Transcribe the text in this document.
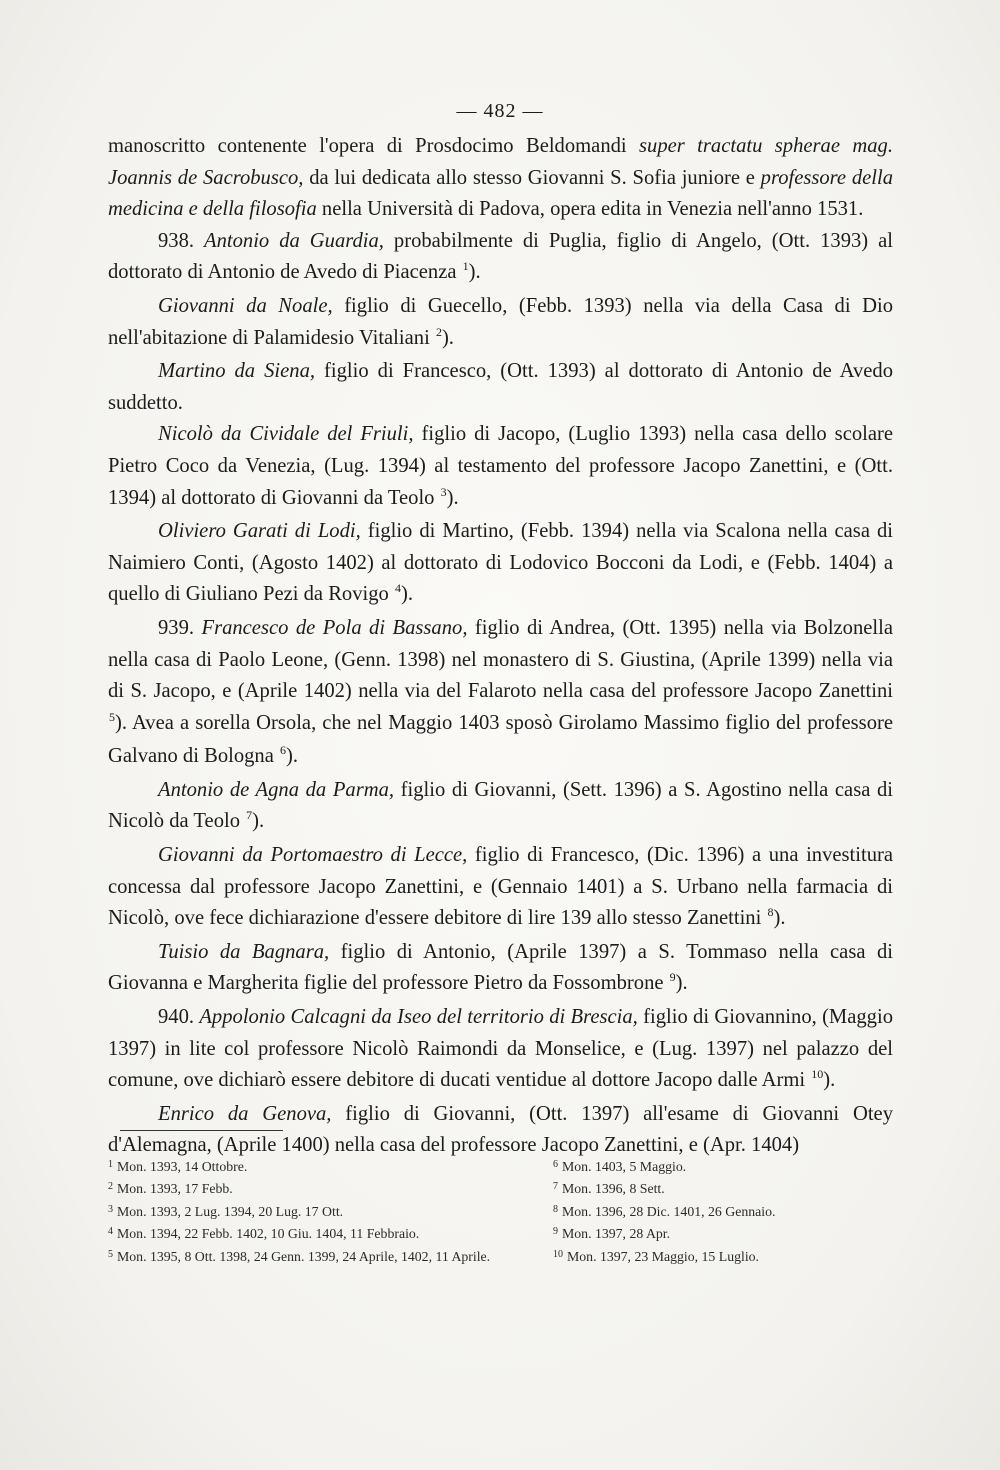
— 482 —

manoscritto contenente l'opera di Prosdocimo Beldomandi super tractatu spherae mag. Joannis de Sacrobusco, da lui dedicata allo stesso Giovanni S. Sofia juniore e professore della medicina e della filosofia nella Università di Padova, opera edita in Venezia nell'anno 1531.

938. Antonio da Guardia, probabilmente di Puglia, figlio di Angelo, (Ott. 1393) al dottorato di Antonio de Avedo di Piacenza $^1$).

Giovanni da Noale, figlio di Guecello, (Febb. 1393) nella via della Casa di Dio nell'abitazione di Palamidesio Vitaliani $^2$).

Martino da Siena, figlio di Francesco, (Ott. 1393) al dottorato di Antonio de Avedo suddetto.

Nicolò da Cividale del Friuli, figlio di Jacopo, (Luglio 1393) nella casa dello scolare Pietro Coco da Venezia, (Lug. 1394) al testamento del professore Jacopo Zanettini, e (Ott. 1394) al dottorato di Giovanni da Teolo $^3$).

Oliviero Garati di Lodi, figlio di Martino, (Febb. 1394) nella via Scalona nella casa di Naimiero Conti, (Agosto 1402) al dottorato di Lodovico Bocconi da Lodi, e (Febb. 1404) a quello di Giuliano Pezi da Rovigo $^4$).

939. Francesco de Pola di Bassano, figlio di Andrea, (Ott. 1395) nella via Bolzonella nella casa di Paolo Leone, (Genn. 1398) nel monastero di S. Giustina, (Aprile 1399) nella via di S. Jacopo, e (Aprile 1402) nella via del Falaroto nella casa del professore Jacopo Zanettini $^5$). Avea a sorella Orsola, che nel Maggio 1403 sposò Girolamo Massimo figlio del professore Galvano di Bologna $^6$).

Antonio de Agna da Parma, figlio di Giovanni, (Sett. 1396) a S. Agostino nella casa di Nicolò da Teolo $^7$).

Giovanni da Portomaestro di Lecce, figlio di Francesco, (Dic. 1396) a una investitura concessa dal professore Jacopo Zanettini, e (Gennaio 1401) a S. Urbano nella farmacia di Nicolò, ove fece dichiarazione d'essere debitore di lire 139 allo stesso Zanettini $^8$).

Tuisio da Bagnara, figlio di Antonio, (Aprile 1397) a S. Tommaso nella casa di Giovanna e Margherita figlie del professore Pietro da Fossombrone $^9$).

940. Appolonio Calcagni da Iseo del territorio di Brescia, figlio di Giovannino, (Maggio 1397) in lite col professore Nicolò Raimondi da Monselice, e (Lug. 1397) nel palazzo del comune, ove dichiarò essere debitore di ducati ventidue al dottore Jacopo dalle Armi $^{10}$).

Enrico da Genova, figlio di Giovanni, (Ott. 1397) all'esame di Giovanni Otey d'Alemagna, (Aprile 1400) nella casa del professore Jacopo Zanettini, e (Apr. 1404)

$^1$ Mon. 1393, 14 Ottobre.

$^2$ Mon. 1393, 17 Febb.

$^3$ Mon. 1393, 2 Lug. 1394, 20 Lug. 17 Ott.

$^4$ Mon. 1394, 22 Febb. 1402, 10 Giu. 1404, 11 Febbraio.

$^5$ Mon. 1395, 8 Ott. 1398, 24 Genn. 1399, 24 Aprile, 1402, 11 Aprile.

$^6$ Mon. 1403, 5 Maggio.

$^7$ Mon. 1396, 8 Sett.

$^8$ Mon. 1396, 28 Dic. 1401, 26 Gennaio.

$^9$ Mon. 1397, 28 Apr.

$^{10}$ Mon. 1397, 23 Maggio, 15 Luglio.
